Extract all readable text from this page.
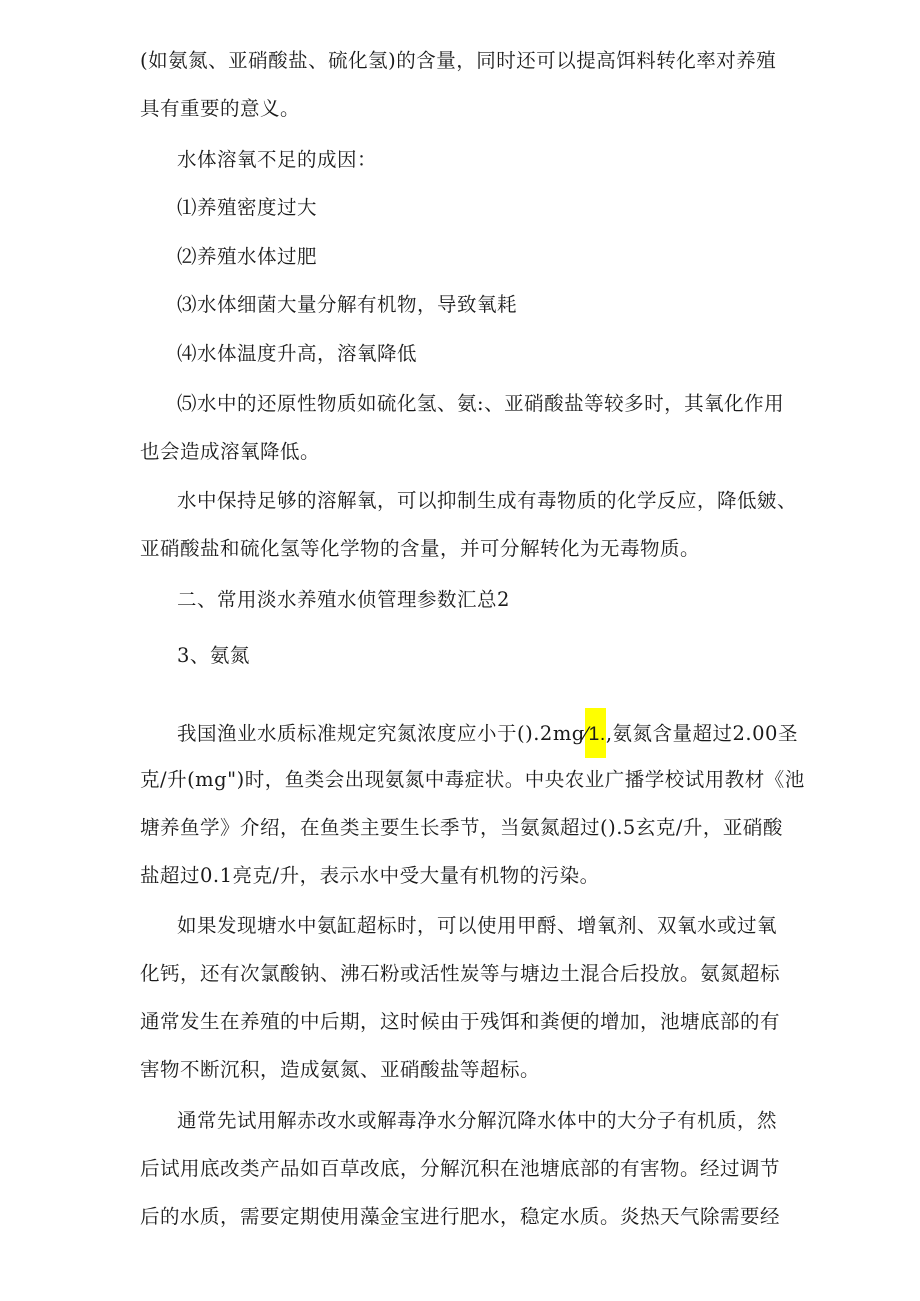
(如氨氮、亚硝酸盐、硫化氢)的含量，同时还可以提高饵料转化率对养殖
具有重要的意义。
水体溶氧不足的成因：
⑴养殖密度过大
⑵养殖水体过肥
⑶水体细菌大量分解有机物，导致氧耗
⑷水体温度升高，溶氧降低
⑸水中的还原性物质如硫化氢、氨:、亚硝酸盐等较多时，其氧化作用
也会造成溶氧降低。
水中保持足够的溶解氧，可以抑制生成有毒物质的化学反应，降低皴、
亚硝酸盐和硫化氢等化学物的含量，并可分解转化为无毒物质。
二、常用淡水养殖水侦管理参数汇总2
3、氨氮
我国渔业水质标准规定究氮浓度应小于().2mg⁄1.,氨氮含量超过2.00圣
克/升(mg")时，鱼类会出现氨氮中毒症状。中央农业广播学校试用教材《池
塘养鱼学》介绍，在鱼类主要生长季节，当氨氮超过().5玄克/升，亚硝酸
盐超过0.1亮克/升，表示水中受大量有机物的污染。
如果发现塘水中氨缸超标时，可以使用甲酹、增氧剂、双氧水或过氧
化钙，还有次氯酸钠、沸石粉或活性炭等与塘边土混合后投放。氨氮超标
通常发生在养殖的中后期，这时候由于残饵和粪便的增加，池塘底部的有
害物不断沉积，造成氨氮、亚硝酸盐等超标。
通常先试用解赤改水或解毒净水分解沉降水体中的大分子有机质，然
后试用底改类产品如百草改底，分解沉积在池塘底部的有害物。经过调节
后的水质，需要定期使用藻金宝进行肥水，稳定水质。炎热天气除需要经
